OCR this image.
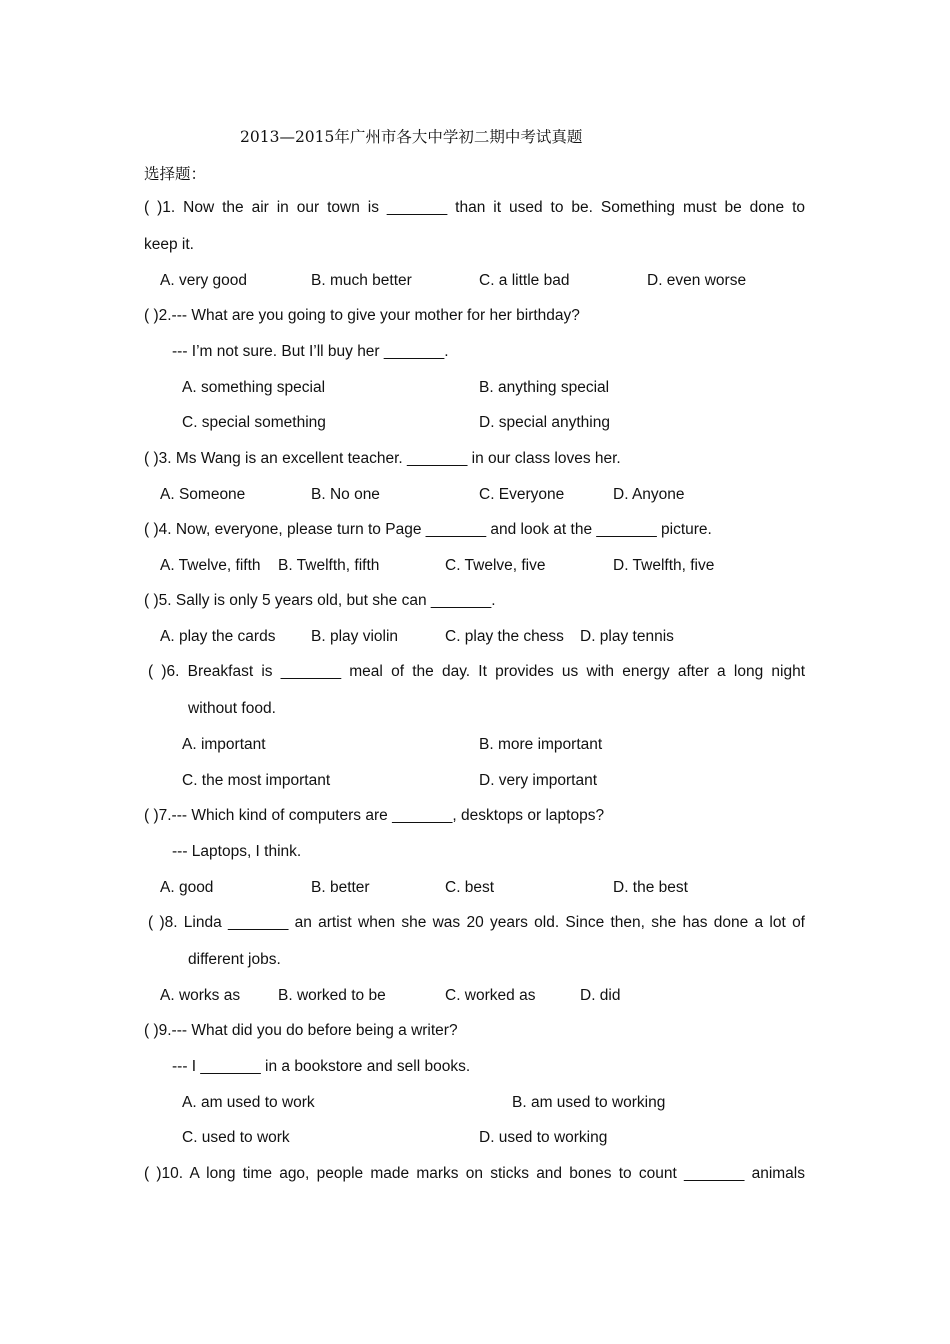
2013—2015年广州市各大中学初二期中考试真题
选择题：
( )1. Now the air in our town is _______ than it used to be. Something must be done to
keep it.
A. very good	B. much better	C. a little bad	D. even worse
( )2.--- What are you going to give your mother for her birthday?
--- I’m not sure. But I’ll buy her _______.
A. something special	B. anything special
C. special something	D. special anything
( )3. Ms Wang is an excellent teacher. _______ in our class loves her.
A. Someone	B. No one	C. Everyone	D. Anyone
( )4. Now, everyone, please turn to Page _______ and look at the _______ picture.
A. Twelve, fifth B. Twelfth, fifth	C. Twelve, five	D. Twelfth, five
( )5. Sally is only 5 years old, but she can _______.
A. play the cards B. play violin	C. play the chess D. play tennis
( )6. Breakfast is _______ meal of the day. It provides us with energy after a long night
without food.
A. important	B. more important
C. the most important	D. very important
( )7.--- Which kind of computers are _______, desktops or laptops?
--- Laptops, I think.
A. good	B. better	C. best	D. the best
( )8. Linda _______ an artist when she was 20 years old. Since then, she has done a lot of
different jobs.
A. works as B. worked to be	C. worked as	D. did
( )9.--- What did you do before being a writer?
--- I _______ in a bookstore and sell books.
A. am used to work	B. am used to working
C. used to work	D. used to working
( )10. A long time ago, people made marks on sticks and bones to count _______ animals
